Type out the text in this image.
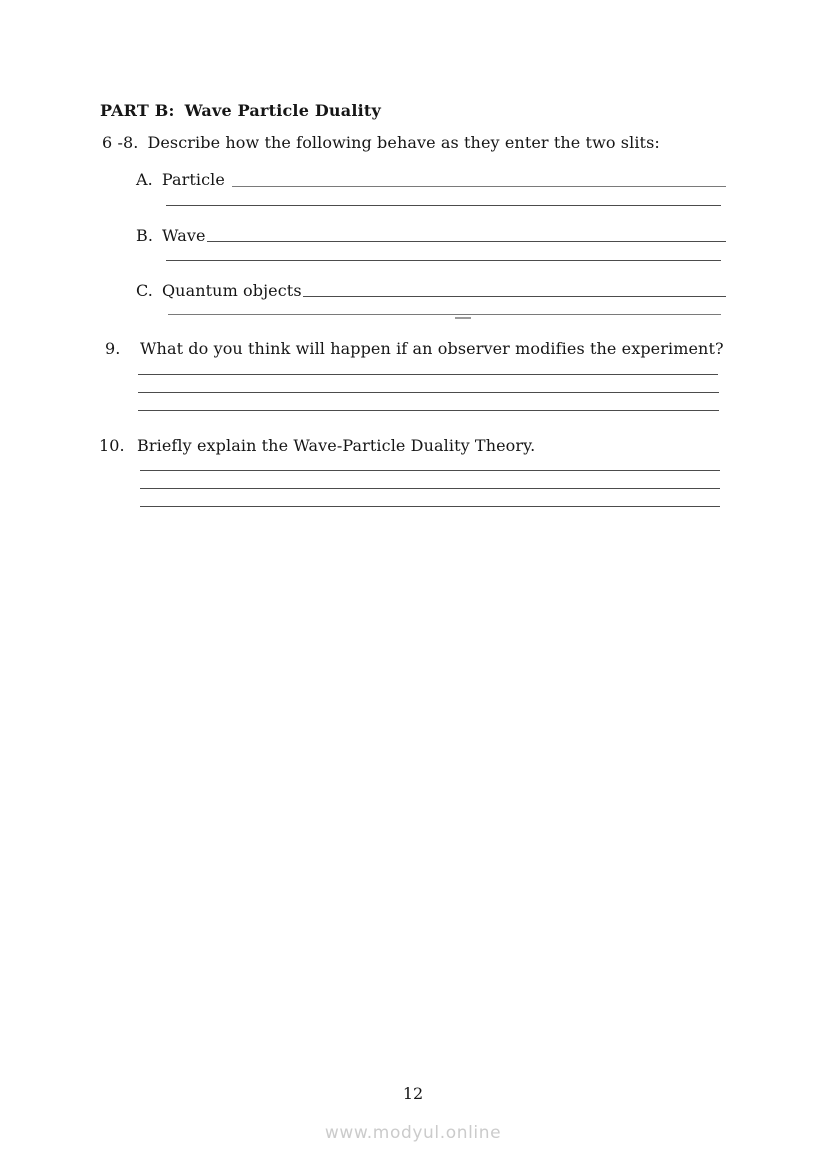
PART B: Wave Particle Duality
6 -8. Describe how the following behave as they enter the two slits:
A. Particle
B. Wave
C. Quantum objects
9. What do you think will happen if an observer modifies the experiment?
10. Briefly explain the Wave-Particle Duality Theory.
12
www.modyul.online
